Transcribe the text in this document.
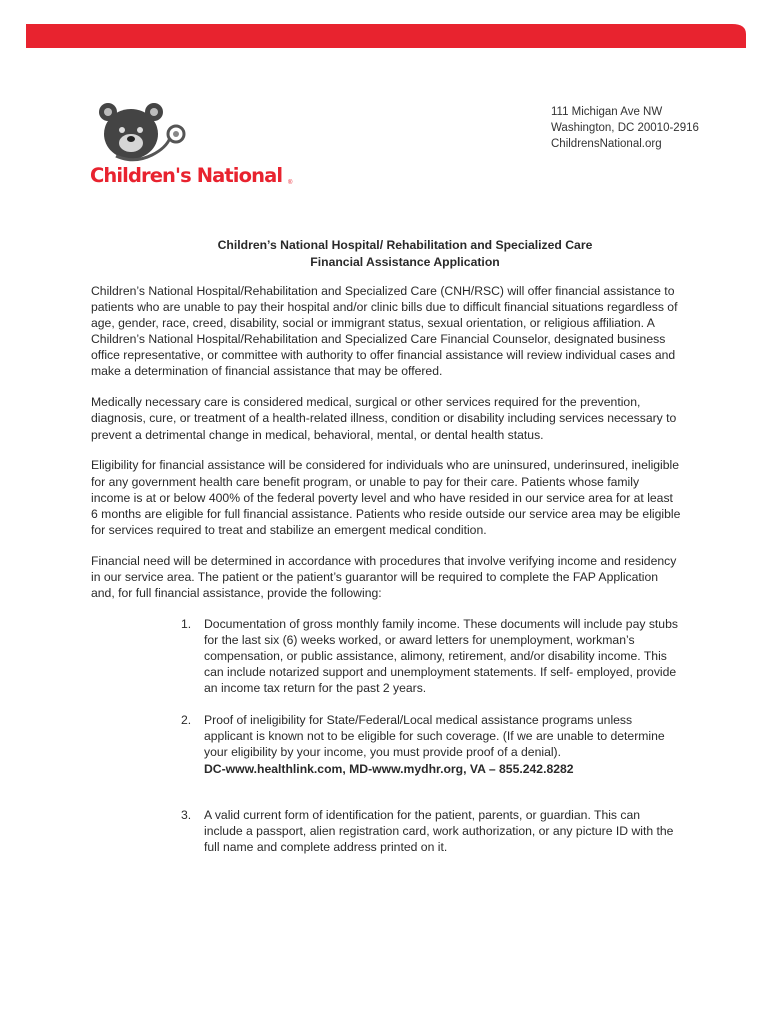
Children's National ®
111 Michigan Ave NW
Washington, DC 20010-2916
ChildrensNational.org
Children’s National Hospital/ Rehabilitation and Specialized Care
Financial Assistance Application

Children’s National Hospital/Rehabilitation and Specialized Care (CNH/RSC) will offer financial assistance to patients who are unable to pay their hospital and/or clinic bills due to difficult financial situations regardless of age, gender, race, creed, disability, social or immigrant status, sexual orientation, or religious affiliation. A Children’s National Hospital/Rehabilitation and Specialized Care Financial Counselor, designated business office representative, or committee with authority to offer financial assistance will review individual cases and make a determination of financial assistance that may be offered.

Medically necessary care is considered medical, surgical or other services required for the prevention, diagnosis, cure, or treatment of a health-related illness, condition or disability including services necessary to prevent a detrimental change in medical, behavioral, mental, or dental health status.

Eligibility for financial assistance will be considered for individuals who are uninsured, underinsured, ineligible for any government health care benefit program, or unable to pay for their care. Patients whose family income is at or below 400% of the federal poverty level and who have resided in our service area for at least 6 months are eligible for full financial assistance. Patients who reside outside our service area may be eligible for services required to treat and stabilize an emergent medical condition.

Financial need will be determined in accordance with procedures that involve verifying income and residency in our service area. The patient or the patient’s guarantor will be required to complete the FAP Application and, for full financial assistance, provide the following:

1. Documentation of gross monthly family income. These documents will include pay stubs for the last six (6) weeks worked, or award letters for unemployment, workman’s compensation, or public assistance, alimony, retirement, and/or disability income. This can include notarized support and unemployment statements. If self- employed, provide an income tax return for the past 2 years.
2. Proof of ineligibility for State/Federal/Local medical assistance programs unless applicant is known not to be eligible for such coverage. (If we are unable to determine your eligibility by your income, you must provide proof of a denial).

DC-www.healthlink.com, MD-www.mydhr.org, VA – 855.242.8282

3. A valid current form of identification for the patient, parents, or guardian. This can include a passport, alien registration card, work authorization, or any picture ID with the full name and complete address printed on it.
